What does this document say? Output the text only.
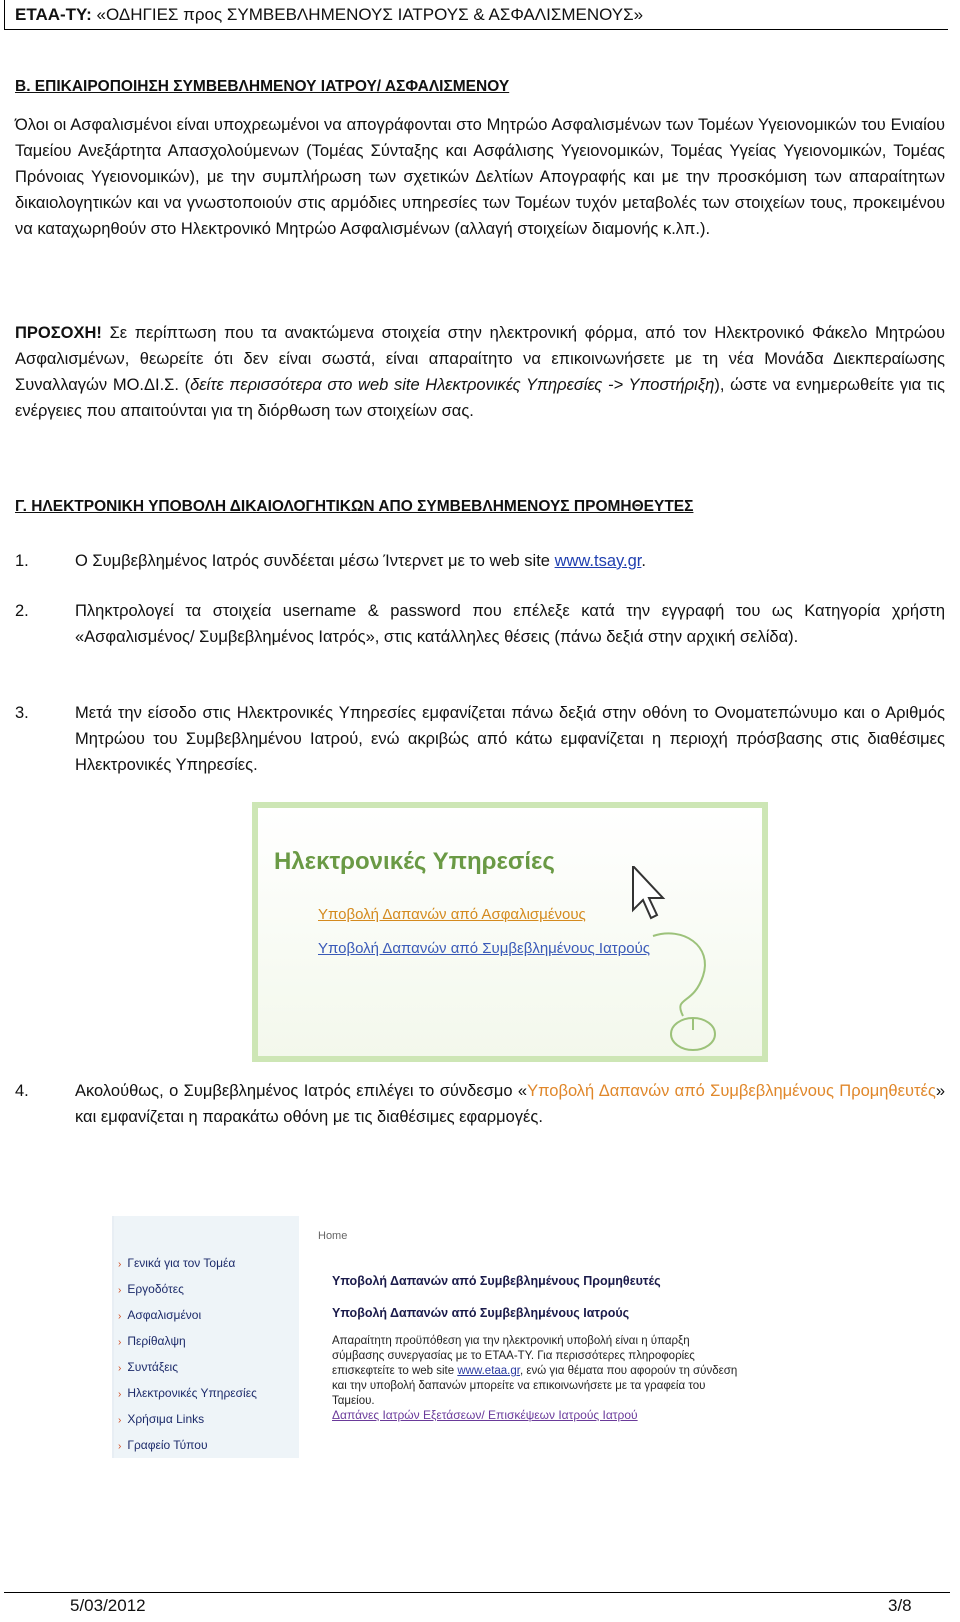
ΕΤΑΑ-ΤΥ: «ΟΔΗΓΙΕΣ προς ΣΥΜΒΕΒΛΗΜΕΝΟΥΣ ΙΑΤΡΟΥΣ & ΑΣΦΑΛΙΣΜΕΝΟΥΣ»
Β. ΕΠΙΚΑΙΡΟΠΟΙΗΣΗ ΣΥΜΒΕΒΛΗΜΕΝΟΥ ΙΑΤΡΟΥ/ ΑΣΦΑΛΙΣΜΕΝΟΥ
Όλοι οι Ασφαλισμένοι είναι υποχρεωμένοι να απογράφονται στο Μητρώο Ασφαλισμένων των Τομέων Υγειονομικών του Ενιαίου Ταμείου Ανεξάρτητα Απασχολούμενων (Τομέας Σύνταξης και Ασφάλισης Υγειονομικών, Τομέας Υγείας Υγειονομικών, Τομέας Πρόνοιας Υγειονομικών), με την συμπλήρωση των σχετικών Δελτίων Απογραφής και με την προσκόμιση των απαραίτητων δικαιολογητικών και να γνωστοποιούν στις αρμόδιες υπηρεσίες των Τομέων τυχόν μεταβολές των στοιχείων τους, προκειμένου να καταχωρηθούν στο Ηλεκτρονικό Μητρώο Ασφαλισμένων (αλλαγή στοιχείων διαμονής κ.λπ.).
ΠΡΟΣΟΧΗ! Σε περίπτωση που τα ανακτώμενα στοιχεία στην ηλεκτρονική φόρμα, από τον Ηλεκτρονικό Φάκελο Μητρώου Ασφαλισμένων, θεωρείτε ότι δεν είναι σωστά, είναι απαραίτητο να επικοινωνήσετε με τη νέα Μονάδα Διεκπεραίωσης Συναλλαγών ΜΟ.ΔΙ.Σ. (δείτε περισσότερα στο web site Ηλεκτρονικές Υπηρεσίες -> Υποστήριξη), ώστε να ενημερωθείτε για τις ενέργειες που απαιτούνται για τη διόρθωση των στοιχείων σας.
Γ. ΗΛΕΚΤΡΟΝΙΚΗ ΥΠΟΒΟΛΗ ΔΙΚΑΙΟΛΟΓΗΤΙΚΩΝ ΑΠΟ ΣΥΜΒΕΒΛΗΜΕΝΟΥΣ ΠΡΟΜΗΘΕΥΤΕΣ
1.	Ο Συμβεβλημένος Ιατρός συνδέεται μέσω Ίντερνετ με το web site www.tsay.gr.
2.	Πληκτρολογεί τα στοιχεία username & password που επέλεξε κατά την εγγραφή του ως Κατηγορία χρήστη «Ασφαλισμένος/ Συμβεβλημένος Ιατρός», στις κατάλληλες θέσεις (πάνω δεξιά στην αρχική σελίδα).
3.	Μετά την είσοδο στις Ηλεκτρονικές Υπηρεσίες εμφανίζεται πάνω δεξιά στην οθόνη το Ονοματεπώνυμο και ο Αριθμός Μητρώου του Συμβεβλημένου Ιατρού, ενώ ακριβώς από κάτω εμφανίζεται η περιοχή πρόσβασης στις διαθέσιμες Ηλεκτρονικές Υπηρεσίες.
Ηλεκτρονικές Υπηρεσίες
Υποβολή Δαπανών από Ασφαλισμένους
Υποβολή Δαπανών από Συμβεβλημένους Ιατρούς
4.	Ακολούθως, ο Συμβεβλημένος Ιατρός επιλέγει το σύνδεσμο «Υποβολή Δαπανών από Συμβεβλημένους Προμηθευτές» και εμφανίζεται η παρακάτω οθόνη με τις διαθέσιμες εφαρμογές.
› Γενικά για τον Τομέα
› Εργοδότες
› Ασφαλισμένοι
› Περίθαλψη
› Συντάξεις
› Ηλεκτρονικές Υπηρεσίες
› Χρήσιμα Links
› Γραφείο Τύπου
Home
Υποβολή Δαπανών από Συμβεβλημένους Προμηθευτές
Υποβολή Δαπανών από Συμβεβλημένους Ιατρούς
Απαραίτητη προϋπόθεση για την ηλεκτρονική υποβολή είναι η ύπαρξη σύμβασης συνεργασίας με το ΕΤΑΑ-ΤΥ. Για περισσότερες πληροφορίες επισκεφτείτε το web site www.etaa.gr, ενώ για θέματα που αφορούν τη σύνδεση και την υποβολή δαπανών μπορείτε να επικοινωνήσετε με τα γραφεία του Ταμείου.
Δαπάνες Ιατρών Εξετάσεων/ Επισκέψεων Ιατρούς Ιατρού
5/03/2012	3/8
